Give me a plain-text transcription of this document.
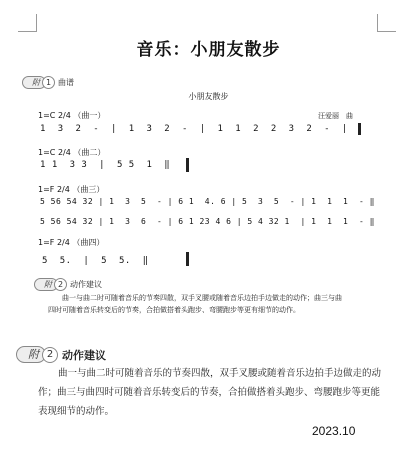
音乐：小朋友散步
附 1 曲谱
小朋友散步
汪爱丽　曲
1=C 2/4 （曲一）
1  3  2  -  |  1  3  2  -  |  1  1  2  2  3  2  -  |
1=C 2/4 （曲二）
1 1  3 3  |  5 5  1  ‖
1=F 2/4 （曲三）
5 56 54 32 | 1  3  5  - | 6 1  4. 6 | 5  3  5  - | 1  1  1  - ‖
5 56 54 32 | 1  3  6  - | 6 1 23 4 6 | 5 4 32 1  | 1  1  1  - ‖
1=F 2/4 （曲四）
5  5.  |  5  5.  ‖
附 2 动作建议
曲一与曲二时可随着音乐的节奏四散，双手叉腰或随着音乐边拍手边做走的动作；曲三与曲四时可随着音乐转变后的节奏，合拍做搭着头跑步、弯腰跑步等更有细节的动作。
附 2 动作建议
曲一与曲二时可随着音乐的节奏四散，双手叉腰或随着音乐边拍手边做走的动作；曲三与曲四时可随着音乐转变后的节奏，合拍做搭着头跑步、弯腰跑步等更能表现细节的动作。
2023.10
